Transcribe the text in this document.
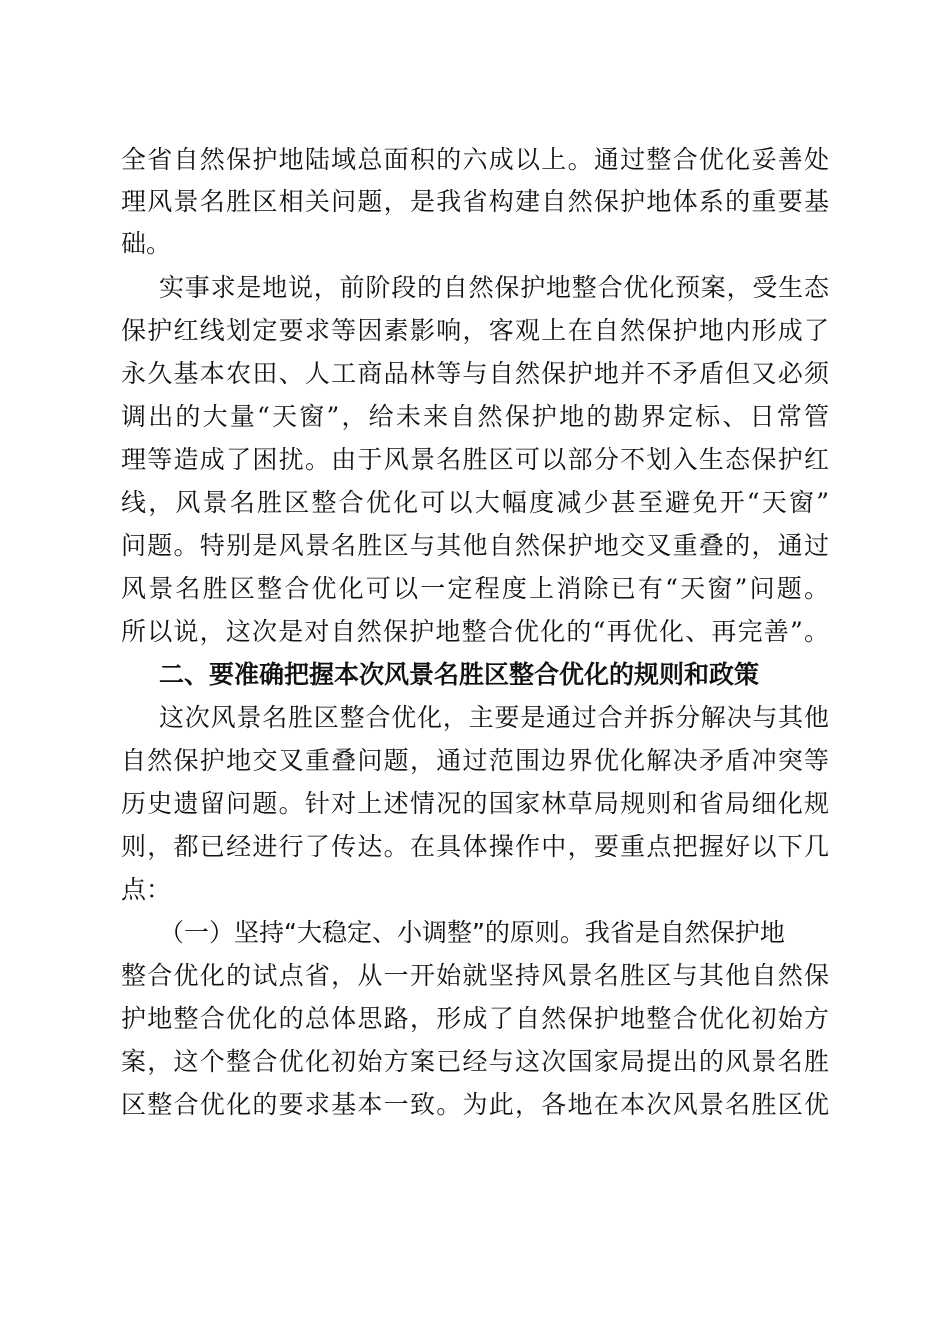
全省自然保护地陆域总面积的六成以上。通过整合优化妥善处
理风景名胜区相关问题，是我省构建自然保护地体系的重要基
础。
实事求是地说，前阶段的自然保护地整合优化预案，受生态
保护红线划定要求等因素影响，客观上在自然保护地内形成了
永久基本农田、人工商品林等与自然保护地并不矛盾但又必须
调出的大量“天窗”，给未来自然保护地的勘界定标、日常管
理等造成了困扰。由于风景名胜区可以部分不划入生态保护红
线，风景名胜区整合优化可以大幅度减少甚至避免开“天窗”
问题。特别是风景名胜区与其他自然保护地交叉重叠的，通过
风景名胜区整合优化可以一定程度上消除已有“天窗”问题。
所以说，这次是对自然保护地整合优化的“再优化、再完善”。
二、要准确把握本次风景名胜区整合优化的规则和政策
这次风景名胜区整合优化，主要是通过合并拆分解决与其他
自然保护地交叉重叠问题，通过范围边界优化解决矛盾冲突等
历史遗留问题。针对上述情况的国家林草局规则和省局细化规
则，都已经进行了传达。在具体操作中，要重点把握好以下几
点：
（一）坚持“大稳定、小调整”的原则。我省是自然保护地
整合优化的试点省，从一开始就坚持风景名胜区与其他自然保
护地整合优化的总体思路，形成了自然保护地整合优化初始方
案，这个整合优化初始方案已经与这次国家局提出的风景名胜
区整合优化的要求基本一致。为此，各地在本次风景名胜区优
